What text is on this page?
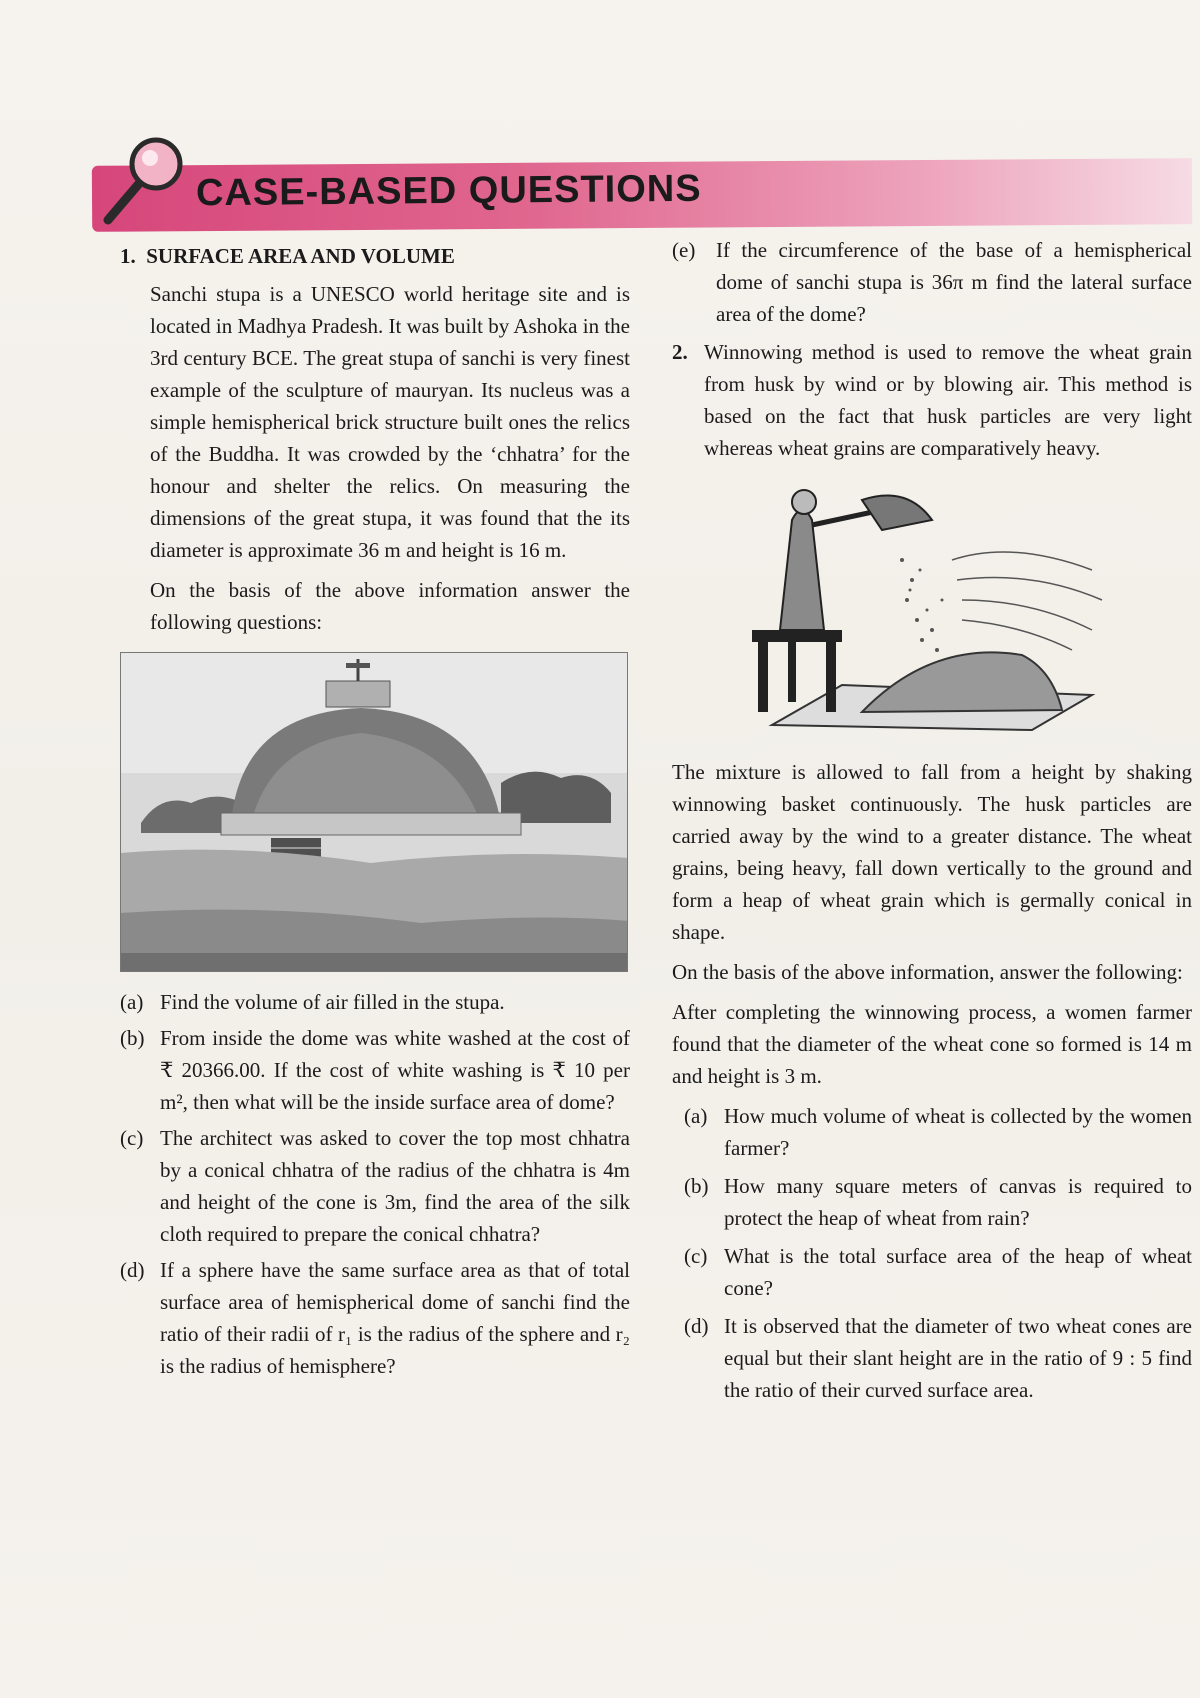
CASE-BASED QUESTIONS
1. SURFACE AREA AND VOLUME

Sanchi stupa is a UNESCO world heritage site and is located in Madhya Pradesh. It was built by Ashoka in the 3rd century BCE. The great stupa of sanchi is very finest example of the sculpture of mauryan. Its nucleus was a simple hemispherical brick structure built ones the relics of the Buddha. It was crowded by the ‘chhatra’ for the honour and shelter the relics. On measuring the dimensions of the great stupa, it was found that the its diameter is approximate 36 m and height is 16 m.

On the basis of the above information answer the following questions:

(a) Find the volume of air filled in the stupa.
(b) From inside the dome was white washed at the cost of ₹ 20366.00. If the cost of white washing is ₹ 10 per m², then what will be the inside surface area of dome?
(c) The architect was asked to cover the top most chhatra by a conical chhatra of the radius of the chhatra is 4m and height of the cone is 3m, find the area of the silk cloth required to prepare the conical chhatra?
(d) If a sphere have the same surface area as that of total surface area of hemispherical dome of sanchi find the ratio of their radii of r₁ is the radius of the sphere and r₂ is the radius of hemisphere?
(e) If the circumference of the base of a hemispherical dome of sanchi stupa is 36π m find the lateral surface area of the dome?
2. Winnowing method is used to remove the wheat grain from husk by wind or by blowing air. This method is based on the fact that husk particles are very light whereas wheat grains are comparatively heavy.

The mixture is allowed to fall from a height by shaking winnowing basket continuously. The husk particles are carried away by the wind to a greater distance. The wheat grains, being heavy, fall down vertically to the ground and form a heap of wheat grain which is germally conical in shape.

On the basis of the above information, answer the following:

After completing the winnowing process, a women farmer found that the diameter of the wheat cone so formed is 14 m and height is 3 m.

(a) How much volume of wheat is collected by the women farmer?
(b) How many square meters of canvas is required to protect the heap of wheat from rain?
(c) What is the total surface area of the heap of wheat cone?
(d) It is observed that the diameter of two wheat cones are equal but their slant height are in the ratio of 9 : 5 find the ratio of their curved surface area.
